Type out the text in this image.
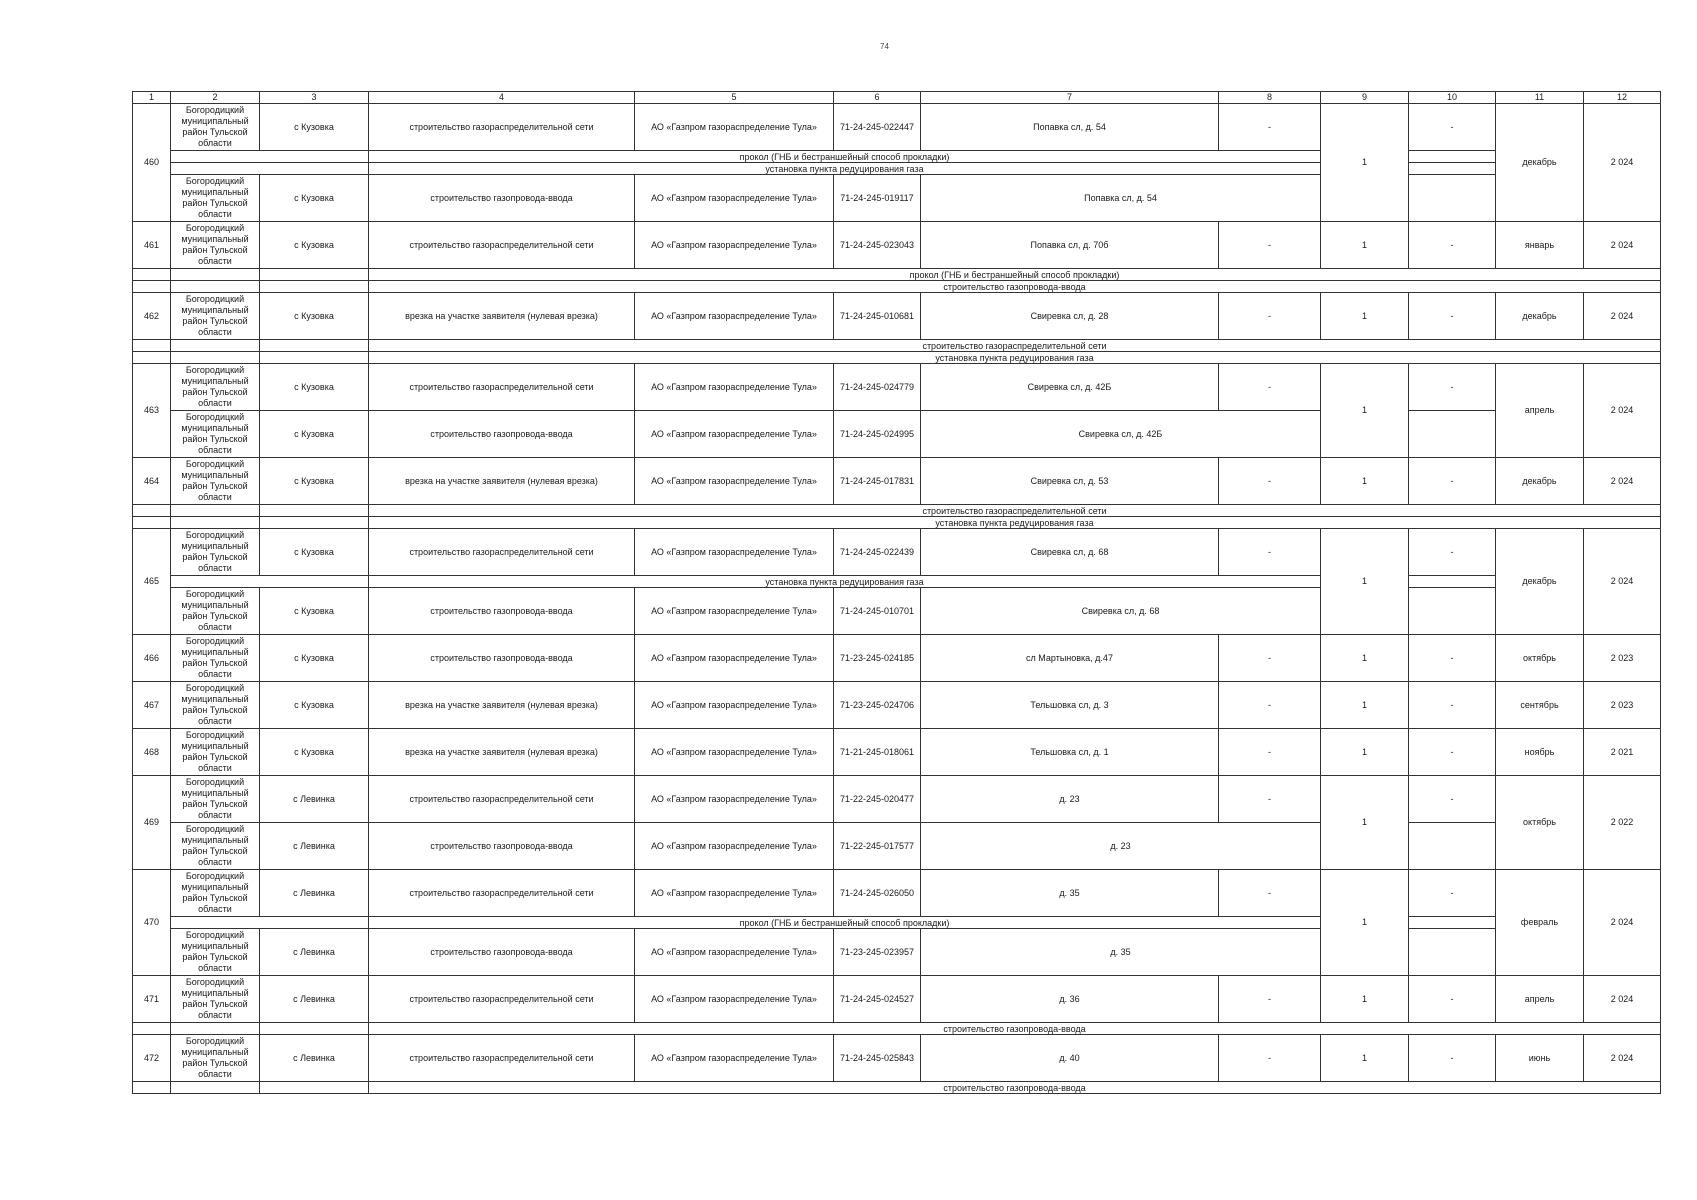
74
1	2	3	4	5	6	7	8	9	10	11	12
460	Богородицкий муниципальный район Тульской области	с Кузовка	строительство газораспределительной сети	АО «Газпром газораспределение Тула»	71-24-245-022447	Попавка сл, д. 54	-	1	-	декабрь	2 024
			прокол (ГНБ и бестраншейный способ прокладки)								
			установка пункта редуцирования газа								
	Богородицкий муниципальный район Тульской области	с Кузовка	строительство газопровода-ввода	АО «Газпром газораспределение Тула»	71-24-245-019117	Попавка сл, д. 54					
461	Богородицкий муниципальный район Тульской области	с Кузовка	строительство газораспределительной сети	АО «Газпром газораспределение Тула»	71-24-245-023043	Попавка сл, д. 70б	-	1	-	январь	2 024
			прокол (ГНБ и бестраншейный способ прокладки)								
			строительство газопровода-ввода								
462	Богородицкий муниципальный район Тульской области	с Кузовка	врезка на участке заявителя (нулевая врезка)	АО «Газпром газораспределение Тула»	71-24-245-010681	Свиревка сл, д. 28	-	1	-	декабрь	2 024
			строительство газораспределительной сети								
			установка пункта редуцирования газа								
463	Богородицкий муниципальный район Тульской области	с Кузовка	строительство газораспределительной сети	АО «Газпром газораспределение Тула»	71-24-245-024779	Свиревка сл, д. 42Б	-	1	-	апрель	2 024
	Богородицкий муниципальный район Тульской области	с Кузовка	строительство газопровода-ввода	АО «Газпром газораспределение Тула»	71-24-245-024995	Свиревка сл, д. 42Б					
464	Богородицкий муниципальный район Тульской области	с Кузовка	врезка на участке заявителя (нулевая врезка)	АО «Газпром газораспределение Тула»	71-24-245-017831	Свиревка сл, д. 53	-	1	-	декабрь	2 024
			строительство газораспределительной сети								
			установка пункта редуцирования газа								
465	Богородицкий муниципальный район Тульской области	с Кузовка	строительство газораспределительной сети	АО «Газпром газораспределение Тула»	71-24-245-022439	Свиревка сл, д. 68	-	1	-	декабрь	2 024
			установка пункта редуцирования газа								
	Богородицкий муниципальный район Тульской области	с Кузовка	строительство газопровода-ввода	АО «Газпром газораспределение Тула»	71-24-245-010701	Свиревка сл, д. 68					
466	Богородицкий муниципальный район Тульской области	с Кузовка	строительство газопровода-ввода	АО «Газпром газораспределение Тула»	71-23-245-024185	сл Мартыновка, д.47	-	1	-	октябрь	2 023
467	Богородицкий муниципальный район Тульской области	с Кузовка	врезка на участке заявителя (нулевая врезка)	АО «Газпром газораспределение Тула»	71-23-245-024706	Тельшовка сл, д. 3	-	1	-	сентябрь	2 023
468	Богородицкий муниципальный район Тульской области	с Кузовка	врезка на участке заявителя (нулевая врезка)	АО «Газпром газораспределение Тула»	71-21-245-018061	Тельшовка сл, д. 1	-	1	-	ноябрь	2 021
469	Богородицкий муниципальный район Тульской области	с Левинка	строительство газораспределительной сети	АО «Газпром газораспределение Тула»	71-22-245-020477	д. 23	-	1	-	октябрь	2 022
	Богородицкий муниципальный район Тульской области	с Левинка	строительство газопровода-ввода	АО «Газпром газораспределение Тула»	71-22-245-017577	д. 23					
470	Богородицкий муниципальный район Тульской области	с Левинка	строительство газораспределительной сети	АО «Газпром газораспределение Тула»	71-24-245-026050	д. 35	-	1	-	февраль	2 024
			прокол (ГНБ и бестраншейный способ прокладки)								
	Богородицкий муниципальный район Тульской области	с Левинка	строительство газопровода-ввода	АО «Газпром газораспределение Тула»	71-23-245-023957	д. 35					
471	Богородицкий муниципальный район Тульской области	с Левинка	строительство газораспределительной сети	АО «Газпром газораспределение Тула»	71-24-245-024527	д. 36	-	1	-	апрель	2 024
			строительство газопровода-ввода								
472	Богородицкий муниципальный район Тульской области	с Левинка	строительство газораспределительной сети	АО «Газпром газораспределение Тула»	71-24-245-025843	д. 40	-	1	-	июнь	2 024
			строительство газопровода-ввода								
